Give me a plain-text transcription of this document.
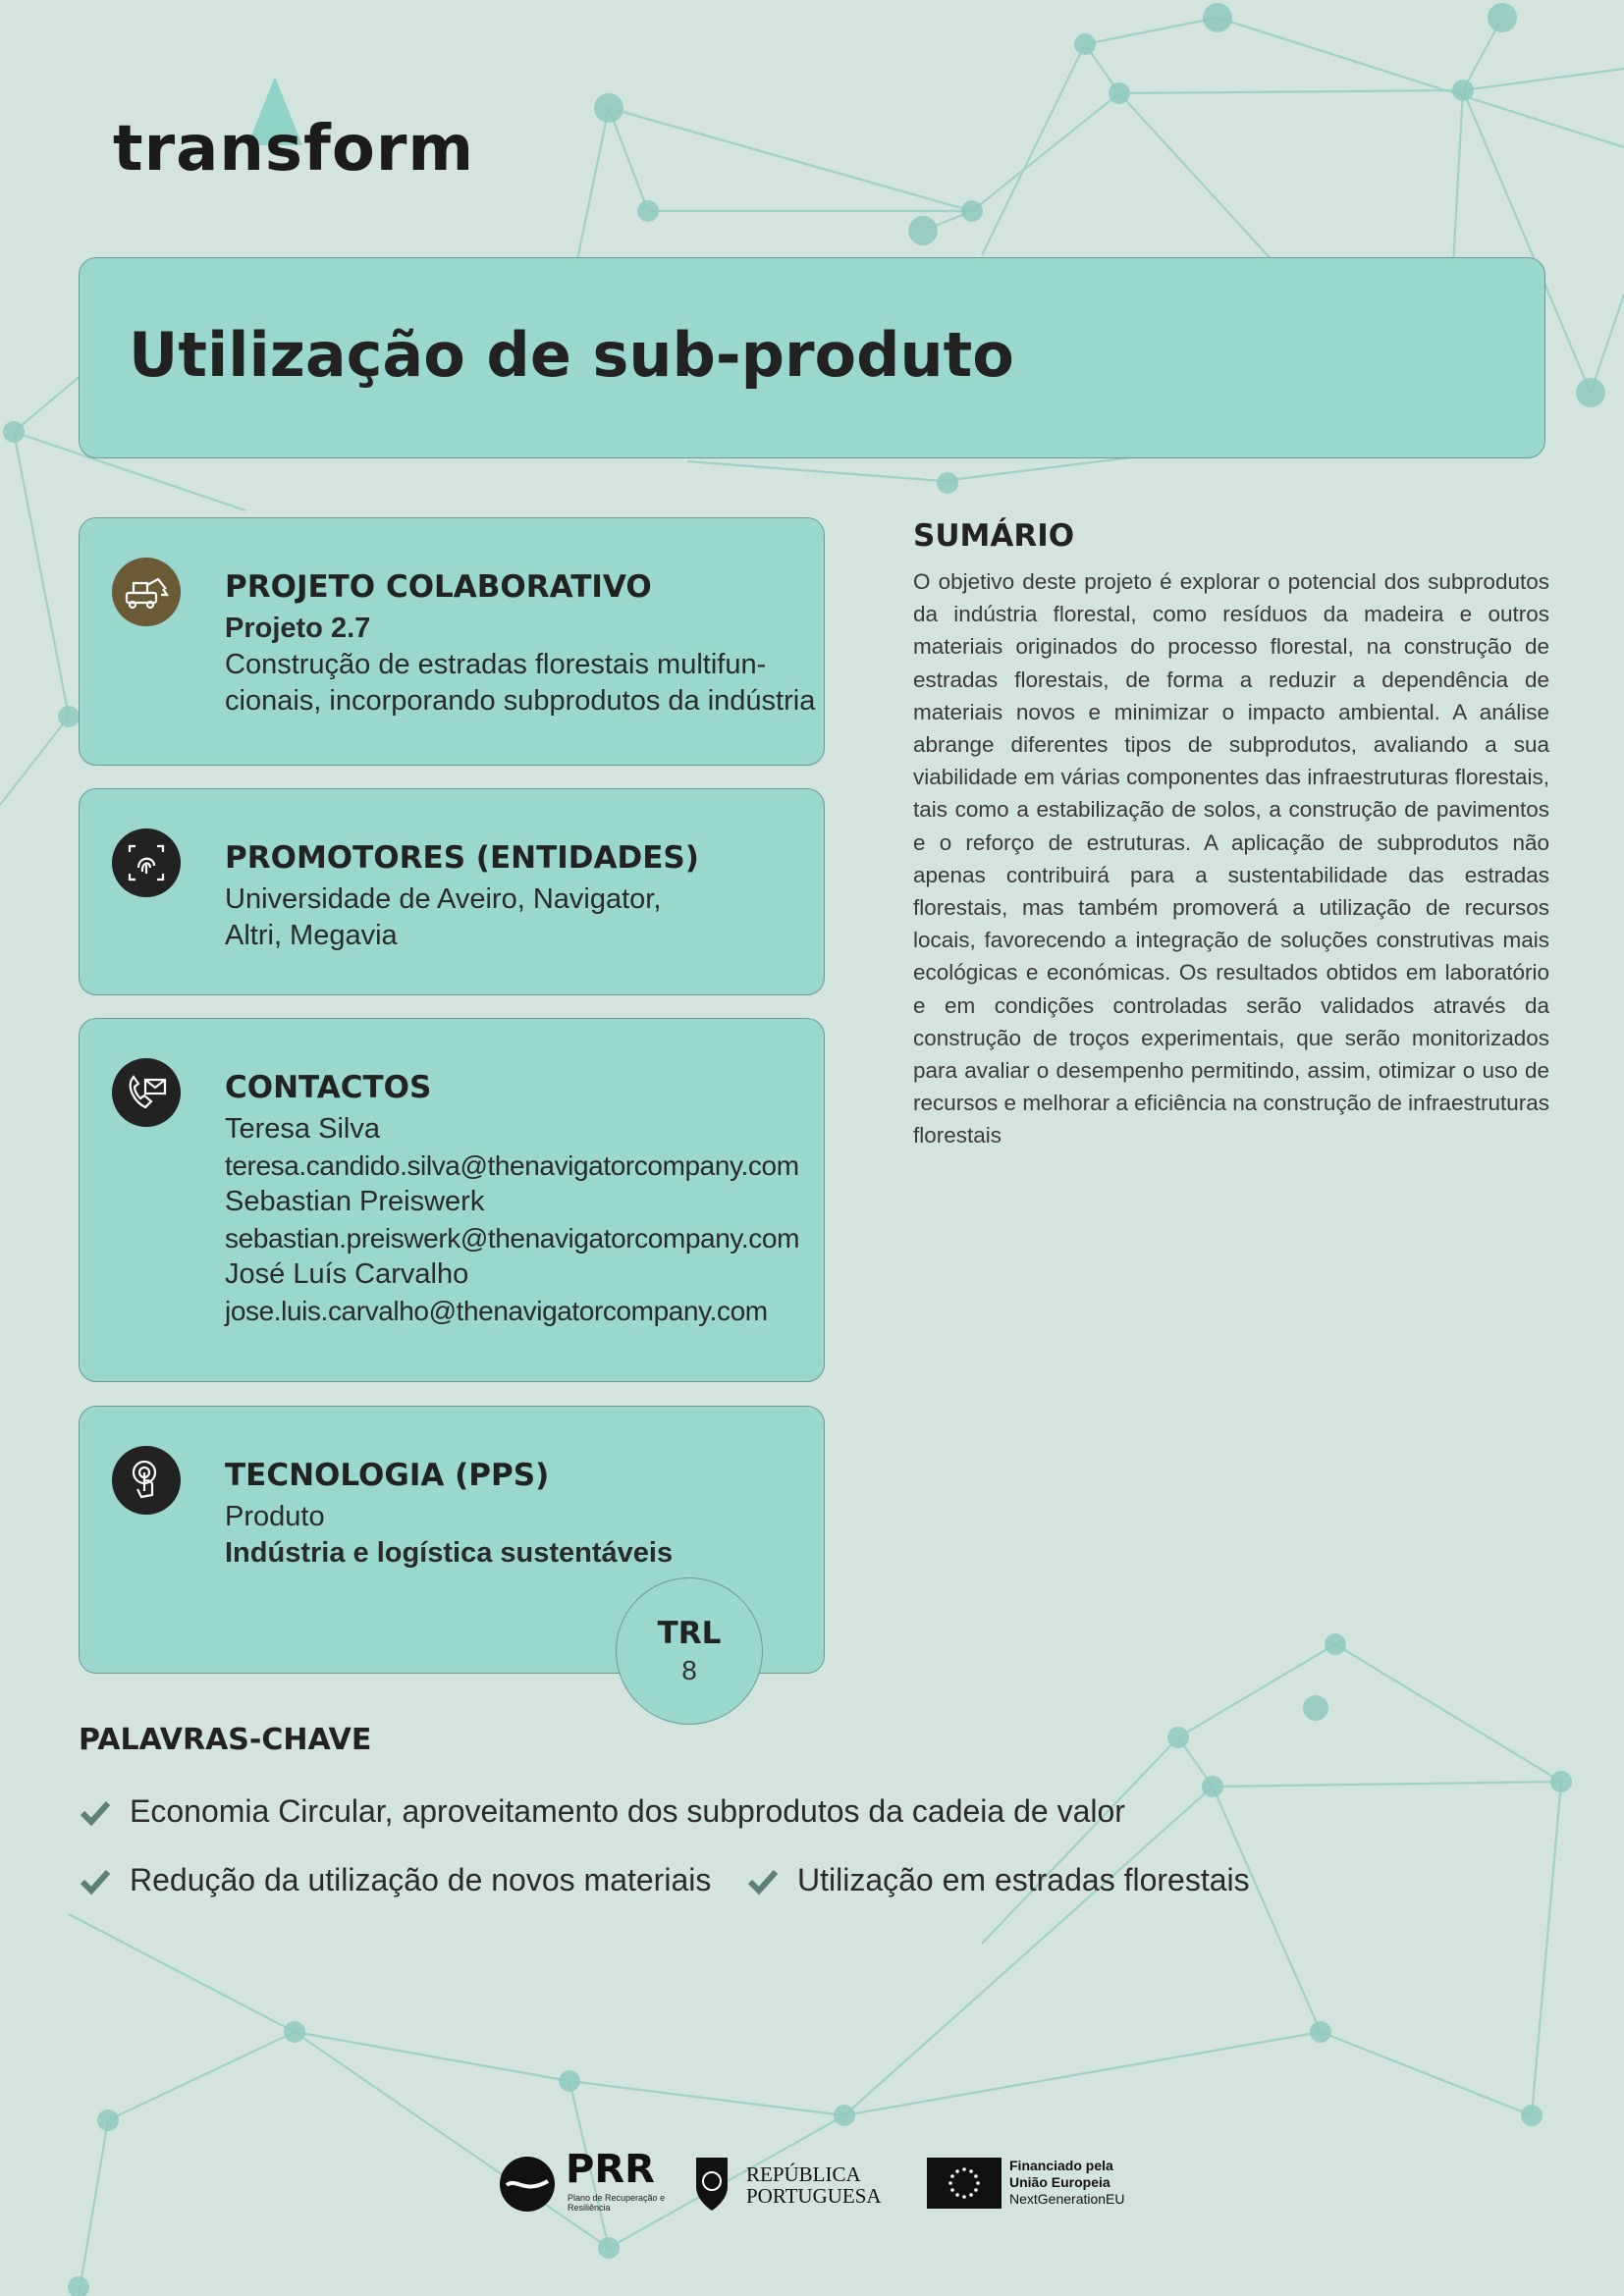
transform
Utilização de sub-produto
PROJETO COLABORATIVO
Projeto 2.7
Construção de estradas florestais multifun-
cionais, incorporando subprodutos da indústria
PROMOTORES (ENTIDADES)
Universidade de Aveiro, Navigator,
Altri, Megavia
CONTACTOS
Teresa Silva
teresa.candido.silva@thenavigatorcompany.com
Sebastian Preiswerk
sebastian.preiswerk@thenavigatorcompany.com
José Luís Carvalho
jose.luis.carvalho@thenavigatorcompany.com
TECNOLOGIA (PPS)
Produto
Indústria e logística sustentáveis
TRL
8
SUMÁRIO

O objetivo deste projeto é explorar o potencial dos subprodutos da indústria florestal, como resíduos da madeira e outros materiais originados do processo florestal, na construção de estradas florestais, de forma a reduzir a dependência de materiais novos e minimizar o impacto ambiental. A análise abrange diferentes tipos de subprodutos, avaliando a sua viabilidade em várias componentes das infraestruturas florestais, tais como a estabilização de solos, a construção de pavimentos e o reforço de estruturas. A aplicação de subprodutos não apenas contribuirá para a sustentabilidade das estradas florestais, mas também promoverá a utilização de recursos locais, favorecendo a integração de soluções construtivas mais ecológicas e económicas. Os resultados obtidos em laboratório e em condições controladas serão validados através da construção de troços experimentais, que serão monitorizados para avaliar o desempenho permitindo, assim, otimizar o uso de recursos e melhorar a eficiência na construção de infraestruturas florestais

PALAVRAS-CHAVE
Economia Circular, aproveitamento dos subprodutos da cadeia de valor
Redução da utilização de novos materiais	Utilização em estradas florestais
PRR
Plano de Recuperação e Resiliência
REPÚBLICA
PORTUGUESA
Financiado pela
União Europeia
NextGenerationEU
